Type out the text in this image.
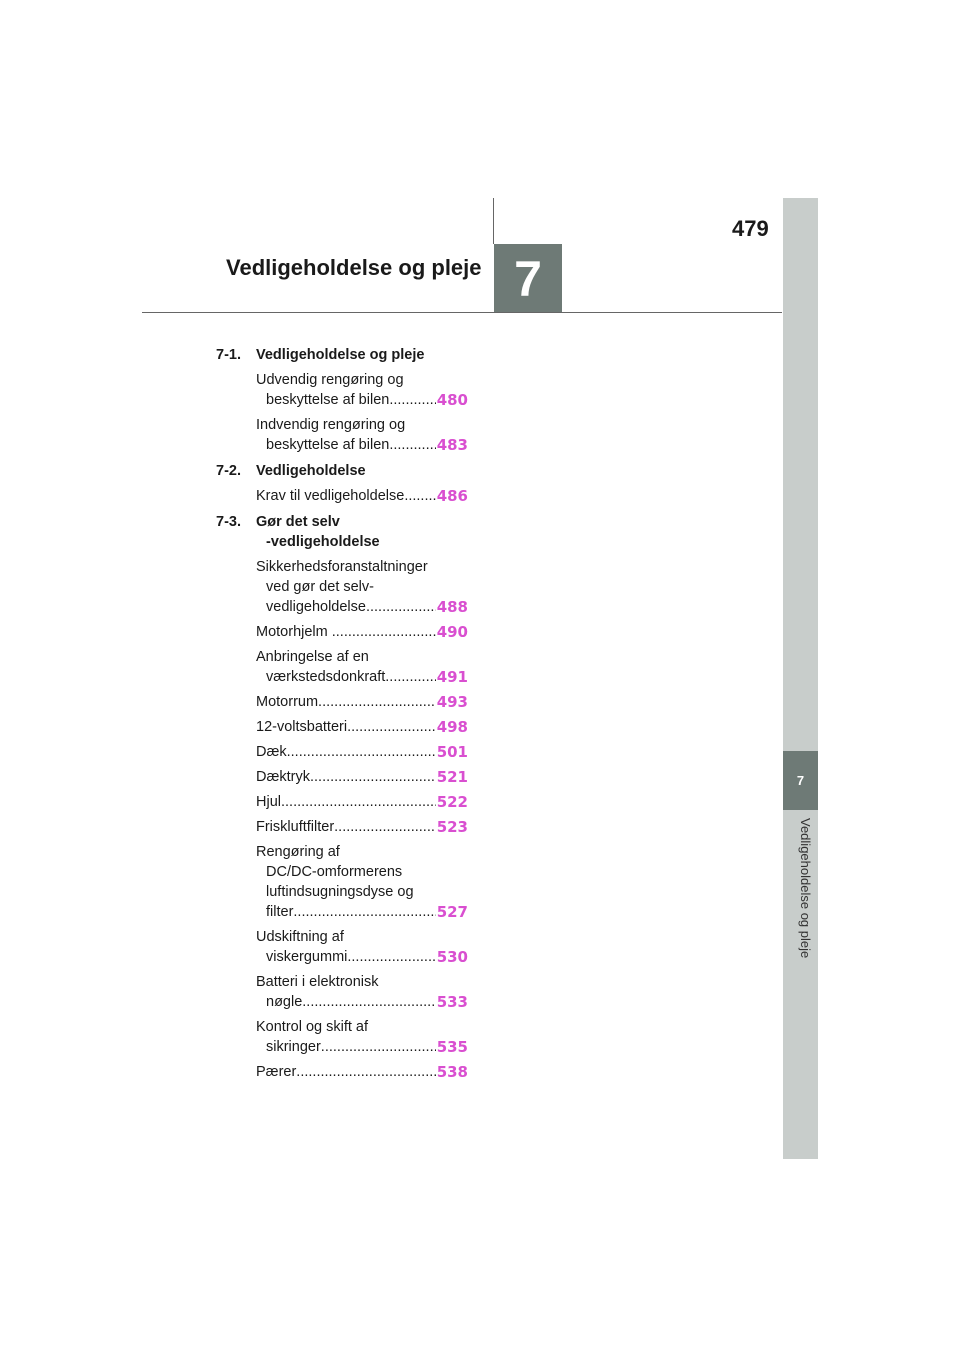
479
Vedligeholdelse og pleje 7
7
Vedligeholdelse og pleje
7-1. Vedligeholdelse og pleje
Udvendig rengøring og
beskyttelse af bilen .....	480
Indvendig rengøring og
beskyttelse af bilen .....	483
7-2. Vedligeholdelse
Krav til vedligeholdelse ..... 486
7-3. Gør det selv
-vedligeholdelse
Sikkerhedsforanstaltninger
ved gør det selv-
vedligeholdelse .....	488
Motorhjelm .....	490
Anbringelse af en
værkstedsdonkraft .....	491
Motorrum .....	493
12-voltsbatteri .....	498
Dæk .....	501
Dæktryk .....	521
Hjul .....	522
Friskluftfilter .....	523
Rengøring af
DC/DC-omformerens
luftindsugningsdyse og
filter .....	527
Udskiftning af
viskergummi .....	530
Batteri i elektronisk
nøgle .....	533
Kontrol og skift af
sikringer .....	535
Pærer .....	538
